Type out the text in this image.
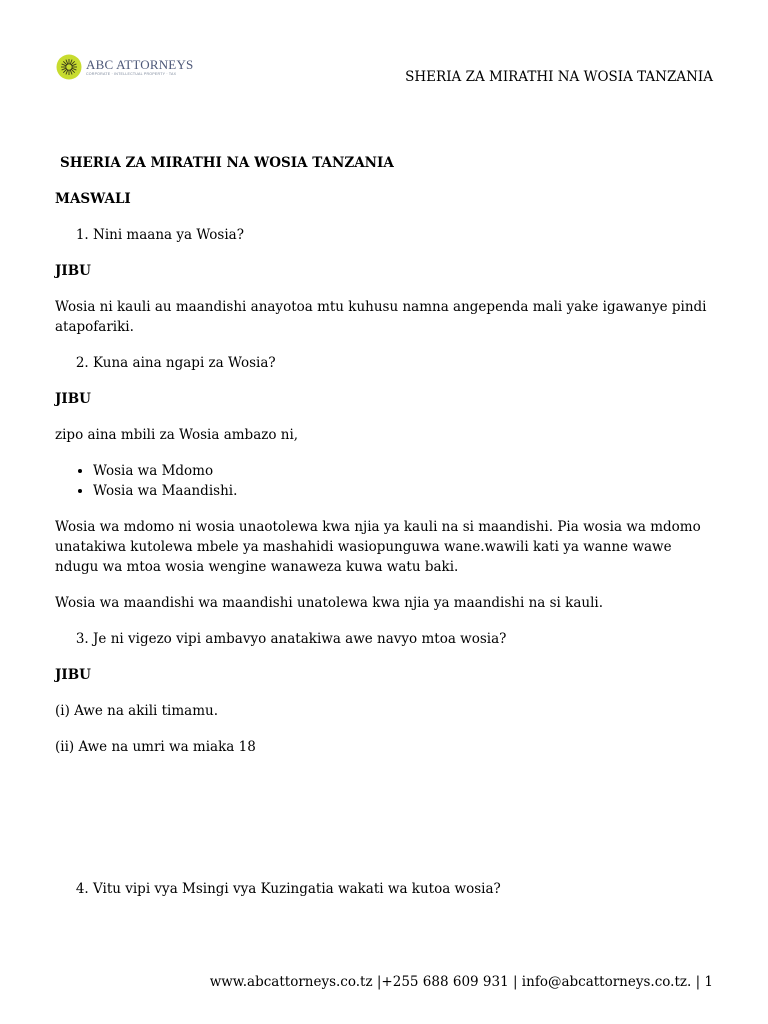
ABC ATTORNEYS
CORPORATE · INTELLECTUAL PROPERTY · TAX	SHERIA ZA MIRATHI NA WOSIA TANZANIA

SHERIA ZA MIRATHI NA WOSIA TANZANIA

MASWALI

1. Nini maana ya Wosia?

JIBU

Wosia ni kauli au maandishi anayotoa mtu kuhusu namna angependa mali yake igawanye pindi atapofariki.

2. Kuna aina ngapi za Wosia?

JIBU

zipo aina mbili za Wosia ambazo ni,

• Wosia wa Mdomo
• Wosia wa Maandishi.

Wosia wa mdomo ni wosia unaotolewa kwa njia ya kauli na si maandishi. Pia wosia wa mdomo unatakiwa kutolewa mbele ya mashahidi wasiopunguwa wane.wawili kati ya wanne wawe ndugu wa mtoa wosia wengine wanaweza kuwa watu baki.

Wosia wa maandishi wa maandishi unatolewa kwa njia ya maandishi na si kauli.

3. Je ni vigezo vipi ambavyo anatakiwa awe navyo mtoa wosia?

JIBU

(i) Awe na akili timamu.

(ii) Awe na umri wa miaka 18

4. Vitu vipi vya Msingi vya Kuzingatia wakati wa kutoa wosia?
www.abcattorneys.co.tz |+255 688 609 931 | info@abcattorneys.co.tz. | 1
